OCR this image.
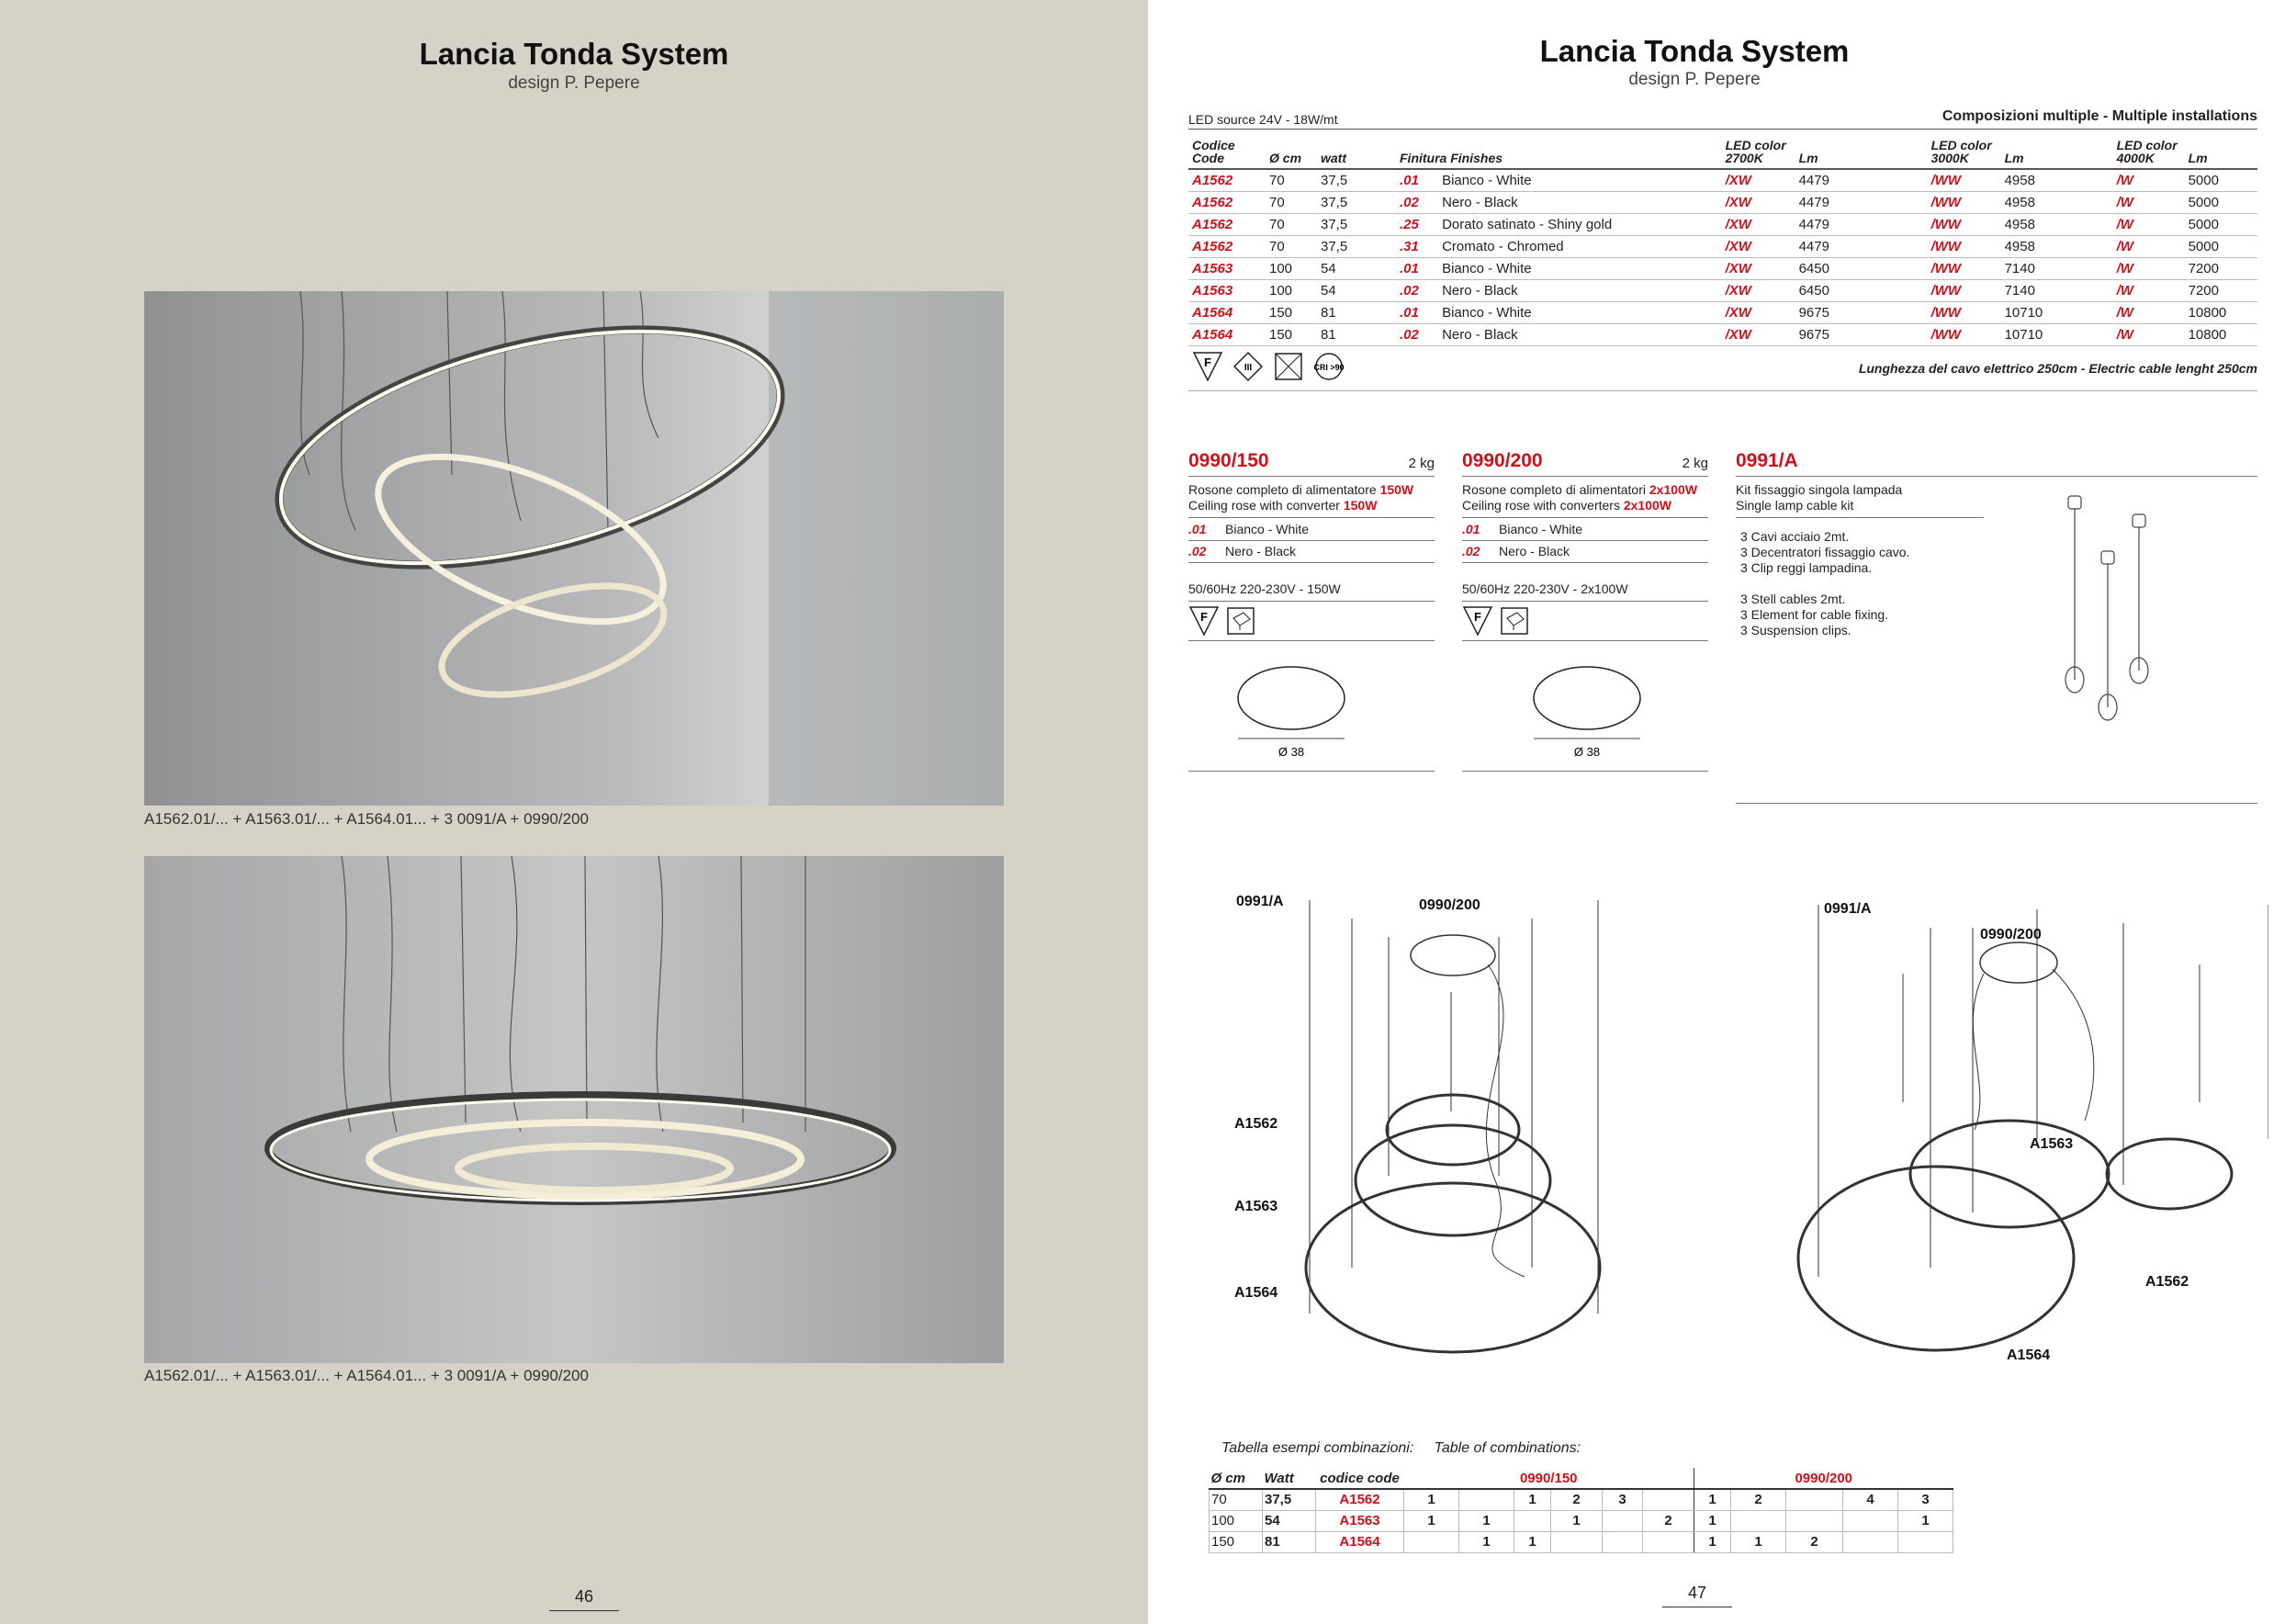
Lancia Tonda System
design P. Pepere
A1562.01/... + A1563.01/... + A1564.01... + 3 0091/A + 0990/200
A1562.01/... + A1563.01/... + A1564.01... + 3 0091/A + 0990/200
46
Lancia Tonda System
design P. Pepere
LED source 24V - 18W/mt	Composizioni multiple - Multiple installations
Codice Code	Ø cm	watt	Finitura Finishes		LED color 2700K	Lm	LED color 3000K	Lm	LED color 4000K	Lm
A1562	70	37,5	.01	Bianco - White	/XW	4479	/WW	4958	/W	5000
A1562	70	37,5	.02	Nero - Black	/XW	4479	/WW	4958	/W	5000
A1562	70	37,5	.25	Dorato satinato - Shiny gold	/XW	4479	/WW	4958	/W	5000
A1562	70	37,5	.31	Cromato - Chromed	/XW	4479	/WW	4958	/W	5000
A1563	100	54	.01	Bianco - White	/XW	6450	/WW	7140	/W	7200
A1563	100	54	.02	Nero - Black	/XW	6450	/WW	7140	/W	7200
A1564	150	81	.01	Bianco - White	/XW	9675	/WW	10710	/W	10800
A1564	150	81	.02	Nero - Black	/XW	9675	/WW	10710	/W	10800
F	III	CRI >90	Lunghezza del cavo elettrico 250cm - Electric cable lenght 250cm
0990/150	2 kg
Rosone completo di alimentatore 150W
Ceiling rose with converter 150W
.01 Bianco - White
.02 Nero - Black
50/60Hz 220-230V - 150W
F
Ø 38
0990/200	2 kg
Rosone completo di alimentatori 2x100W
Ceiling rose with converters 2x100W
.01 Bianco - White
.02 Nero - Black
50/60Hz 220-230V - 2x100W
F
Ø 38
0991/A
Kit fissaggio singola lampada
Single lamp cable kit
3 Cavi acciaio 2mt.
3 Decentratori fissaggio cavo.
3 Clip reggi lampadina.
3 Stell cables 2mt.
3 Element for cable fixing.
3 Suspension clips.
0991/A	0990/200
A1562
A1563
A1564
0991/A
0990/200
A1563
A1562
A1564
Tabella esempi combinazioni: Table of combinations:
Ø cm	Watt	codice code	0990/150						0990/200				
70	37,5	A1562	1		1	2	3		1	2		4	3
100	54	A1563	1	1		1		2	1				1
150	81	A1564		1	1				1	1	2		
47
